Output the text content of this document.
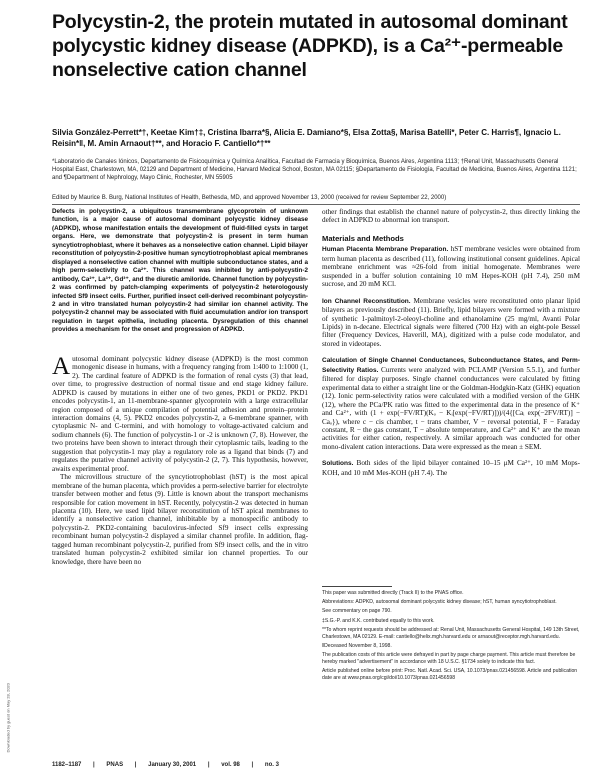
Downloaded by guest on May 28, 2020
Polycystin-2, the protein mutated in autosomal dominant polycystic kidney disease (ADPKD), is a Ca²⁺-permeable nonselective cation channel
Silvia González-Perrett*†, Keetae Kim†‡, Cristina Ibarra*§, Alicia E. Damiano*§, Elsa Zotta§, Marisa Batelli*, Peter C. Harris¶, Ignacio L. Reisin*‖, M. Amin Arnaout†**, and Horacio F. Cantiello*†**
*Laboratorio de Canales Iónicos, Departamento de Fisicoquímica y Química Analítica, Facultad de Farmacia y Bioquímica, Buenos Aires, Argentina 1113; †Renal Unit, Massachusetts General Hospital East, Charlestown, MA, 02129 and Department of Medicine, Harvard Medical School, Boston, MA 02115; §Departamento de Fisiología, Facultad de Medicina, Buenos Aires, Argentina 1121; and ¶Department of Nephrology, Mayo Clinic, Rochester, MN 55905
Edited by Maurice B. Burg, National Institutes of Health, Bethesda, MD, and approved November 13, 2000 (received for review September 22, 2000)
Defects in polycystin-2, a ubiquitous transmembrane glycoprotein of unknown function, is a major cause of autosomal dominant polycystic kidney disease (ADPKD), whose manifestation entails the development of fluid-filled cysts in target organs. Here, we demonstrate that polycystin-2 is present in term human syncytiotrophoblast, where it behaves as a nonselective cation channel. Lipid bilayer reconstitution of polycystin-2-positive human syncytiotrophoblast apical membranes displayed a nonselective cation channel with multiple subconductance states, and a high perm-selectivity to Ca²⁺. This channel was inhibited by anti-polycystin-2 antibody, Ca²⁺, La³⁺, Gd³⁺, and the diuretic amiloride. Channel function by polycystin-2 was confirmed by patch-clamping experiments of polycystin-2 heterologously infected Sf9 insect cells. Further, purified insect cell-derived recombinant polycystin-2 and in vitro translated human polycystin-2 had similar ion channel activity. The polycystin-2 channel may be associated with fluid accumulation and/or ion transport regulation in target epithelia, including placenta. Dysregulation of this channel provides a mechanism for the onset and progression of ADPKD.
Autosomal dominant polycystic kidney disease (ADPKD) is the most common monogenic disease in humans, with a frequency ranging from 1:400 to 1:1000 (1, 2). The cardinal feature of ADPKD is the formation of renal cysts (3) that lead, over time, to progressive destruction of normal tissue and end stage kidney failure. ADPKD is caused by mutations in either one of two genes, PKD1 or PKD2. PKD1 encodes polycystin-1, an 11-membrane-spanner glycoprotein with a large extracellular region composed of a unique compilation of potential adhesion and protein–protein interaction domains (4, 5). PKD2 encodes polycystin-2, a 6-membrane spanner, with cytoplasmic N- and C-termini, and with homology to voltage-activated calcium and sodium channels (6). The function of polycystin-1 or -2 is unknown (7, 8). However, the two proteins have been shown to interact through their cytoplasmic tails, leading to the suggestion that polycystin-1 may play a regulatory role as a ligand that binds (7) and regulates the putative channel activity of polycystin-2 (2, 7). This hypothesis, however, awaits experimental proof.

The microvillous structure of the syncytiotrophoblast (hST) is the most apical membrane of the human placenta, which provides a perm-selective barrier for electrolyte transfer between mother and fetus (9). Little is known about the transport mechanisms responsible for cation movement in hST. Recently, polycystin-2 was detected in human placenta (10). Here, we used lipid bilayer reconstitution of hST apical membranes to identify a nonselective cation channel, inhibitable by a monospecific antibody to polycystin-2. PKD2-containing baculovirus-infected Sf9 insect cells expressing recombinant human polycystin-2 displayed a similar channel profile. In addition, flag-tagged human recombinant polycystin-2, purified from Sf9 insect cells, and the in vitro translated human polycystin-2 exhibited similar ion channel properties. To our knowledge, there have been no

other findings that establish the channel nature of polycystin-2, thus directly linking the defect in ADPKD to abnormal ion transport.
Materials and Methods
Human Placenta Membrane Preparation. hST membrane vesicles were obtained from term human placenta as described (11), following institutional consent guidelines. Apical membrane enrichment was ≈26-fold from initial homogenate. Membranes were suspended in a buffer solution containing 10 mM Hepes-KOH (pH 7.4), 250 mM sucrose, and 20 mM KCl.
Ion Channel Reconstitution. Membrane vesicles were reconstituted onto planar lipid bilayers as previously described (11). Briefly, lipid bilayers were formed with a mixture of synthetic 1-palmitoyl-2-oleoyl-choline and ethanolamine (25 mg/ml, Avanti Polar Lipids) in n-decane. Electrical signals were filtered (700 Hz) with an eight-pole Bessel filter (Frequency Devices, Haverill, MA), digitized with a pulse code modulator, and stored in videotapes.
Calculation of Single Channel Conductances, Subconductance States, and Perm-Selectivity Ratios. Currents were analyzed with PCLAMP (Version 5.5.1), and further filtered for display purposes. Single channel conductances were calculated by fitting experimental data to either a straight line or the Goldman-Hodgkin-Katz (GHK) equation (12). Ionic perm-selectivity ratios were calculated with a modified version of the GHK (12), where the PCa/PK ratio was fitted to the experimental data in the presence of K⁺ and Ca²⁺, with (1 + exp(−FV/RT)(Kₒ − Kᵢ[exp(−FV/RT)]))/(4{[Caᵢ exp(−2FV/RT)] − Caₒ}), where c − cis chamber, t − trans chamber, V − reversal potential, F − Faraday constant, R − the gas constant, T − absolute temperature, and Ca²⁺ and K⁺ are the mean activities for either cation, respectively. A similar approach was conducted for other mono-divalent cation interactions. Data were expressed as the mean ± SEM.
Solutions. Both sides of the lipid bilayer contained 10–15 μM Ca²⁺, 10 mM Mops-KOH, and 10 mM Mes-KOH (pH 7.4). The
This paper was submitted directly (Track II) to the PNAS office.
Abbreviations: ADPKD, autosomal dominant polycystic kidney disease; hST, human syncytiotrophoblast.
See commentary on page 790.
‡S.G.-P. and K.K. contributed equally to this work.
**To whom reprint requests should be addressed at: Renal Unit, Massachusetts General Hospital, 149 13th Street, Charlestown, MA 02129. E-mail: cantiello@helix.mgh.harvard.edu or arnaout@receptor.mgh.harvard.edu.
‖Deceased November 8, 1998.
The publication costs of this article were defrayed in part by page charge payment. This article must therefore be hereby marked "advertisement" in accordance with 18 U.S.C. §1734 solely to indicate this fact.
Article published online before print: Proc. Natl. Acad. Sci. USA, 10.1073/pnas.021456598. Article and publication date are at www.pnas.org/cgi/doi/10.1073/pnas.021456598
1182–1187 | PNAS | January 30, 2001 | vol. 98 | no. 3
